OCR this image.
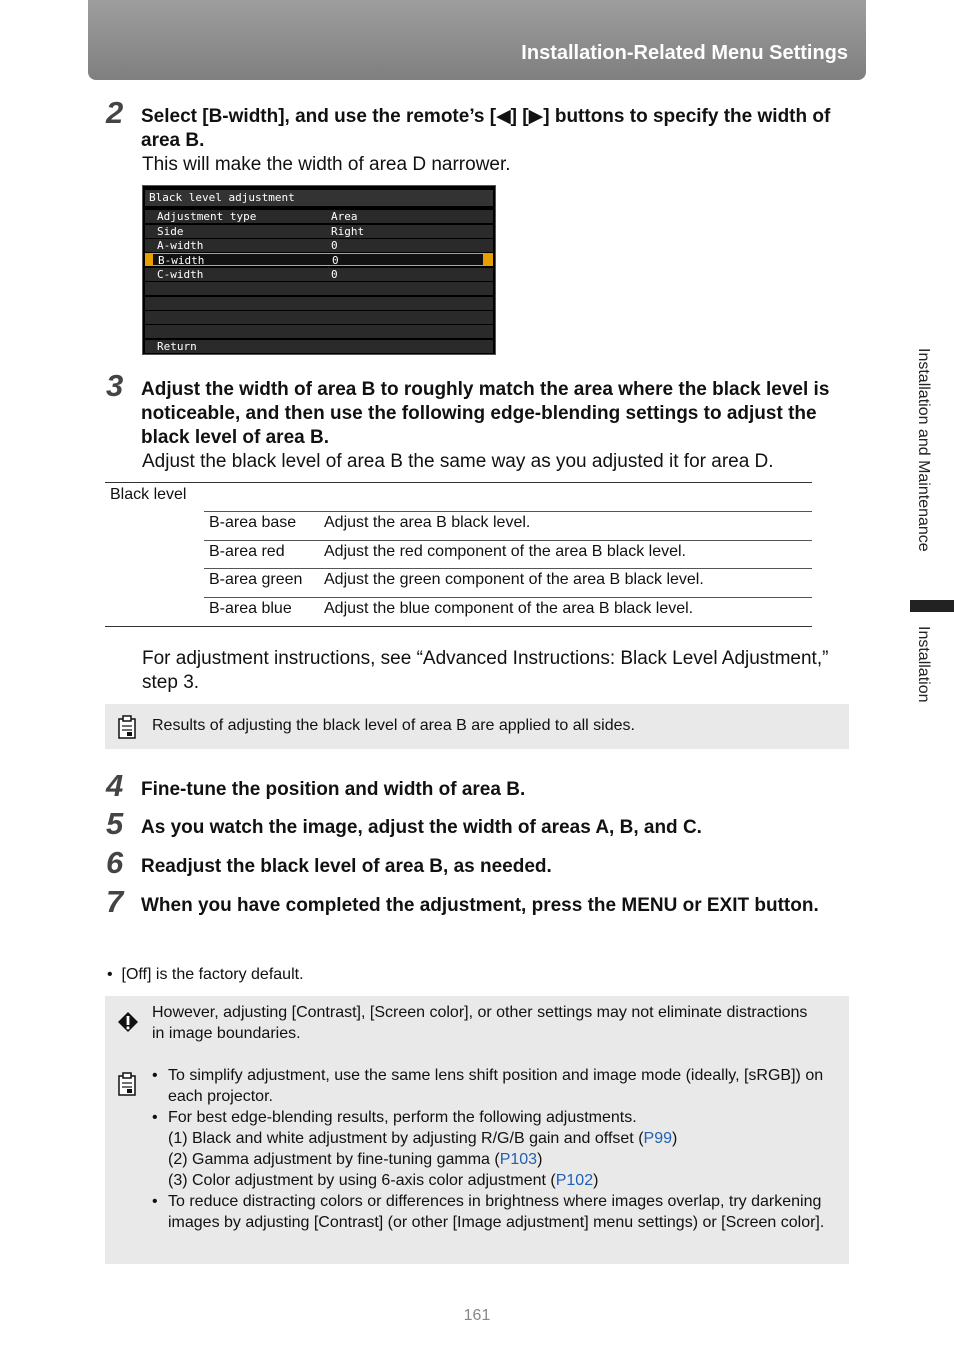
Installation-Related Menu Settings
Installation and Maintenance
Installation
2 Select [B-width], and use the remote’s [◀] [▶] buttons to specify the width of area B.
This will make the width of area D narrower.
Black level adjustment
Adjustment type	Area
Side	Right
A-width	0
B-width	0
C-width	0
Return
3 Adjust the width of area B to roughly match the area where the black level is noticeable, and then use the following edge-blending settings to adjust the black level of area B.
Adjust the black level of area B the same way as you adjusted it for area D.
Black level
B-area base Adjust the area B black level.
B-area red Adjust the red component of the area B black level.
B-area green Adjust the green component of the area B black level.
B-area blue Adjust the blue component of the area B black level.
For adjustment instructions, see “Advanced Instructions: Black Level Adjustment,” step 3.
Results of adjusting the black level of area B are applied to all sides.
4 Fine-tune the position and width of area B.
5 As you watch the image, adjust the width of areas A, B, and C.
6 Readjust the black level of area B, as needed.
7 When you have completed the adjustment, press the MENU or EXIT button.
•  [Off] is the factory default.
However, adjusting [Contrast], [Screen color], or other settings may not eliminate distractions in image boundaries.
• To simplify adjustment, use the same lens shift position and image mode (ideally, [sRGB]) on each projector.
• For best edge-blending results, perform the following adjustments.
(1) Black and white adjustment by adjusting R/G/B gain and offset (P99)
(2) Gamma adjustment by fine-tuning gamma (P103)
(3) Color adjustment by using 6-axis color adjustment (P102)
• To reduce distracting colors or differences in brightness where images overlap, try darkening images by adjusting [Contrast] (or other [Image adjustment] menu settings) or [Screen color].
161
